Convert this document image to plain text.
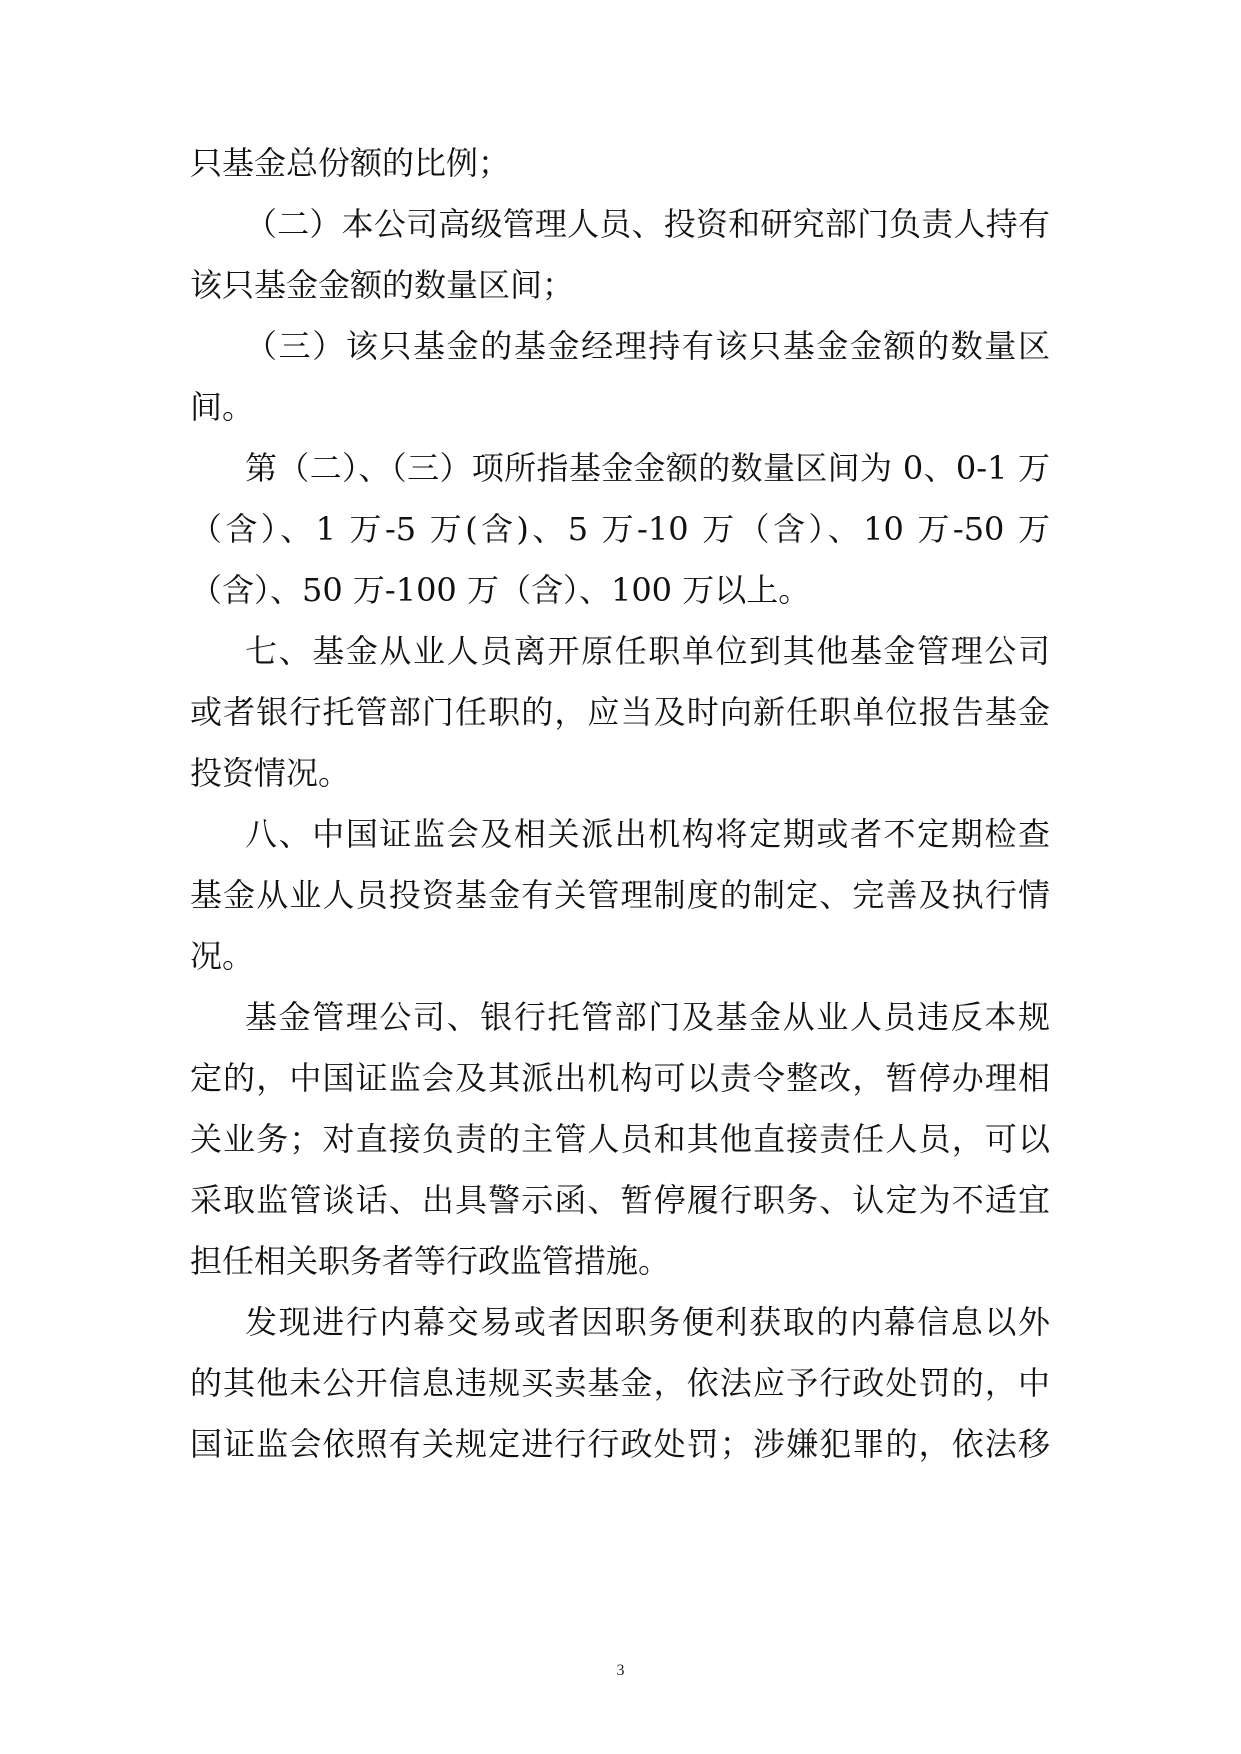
只基金总份额的比例；
（二）本公司高级管理人员、投资和研究部门负责人持有
该只基金金额的数量区间；
（三）该只基金的基金经理持有该只基金金额的数量区
间。
第（二）、（三）项所指基金金额的数量区间为 0、0-1 万
（含）、1 万-5 万(含)、5 万-10 万（含）、10 万-50 万
（含）、50 万-100 万（含）、100 万以上。
七、基金从业人员离开原任职单位到其他基金管理公司
或者银行托管部门任职的，应当及时向新任职单位报告基金
投资情况。
八、中国证监会及相关派出机构将定期或者不定期检查
基金从业人员投资基金有关管理制度的制定、完善及执行情
况。
基金管理公司、银行托管部门及基金从业人员违反本规
定的，中国证监会及其派出机构可以责令整改，暂停办理相
关业务；对直接负责的主管人员和其他直接责任人员，可以
采取监管谈话、出具警示函、暂停履行职务、认定为不适宜
担任相关职务者等行政监管措施。
发现进行内幕交易或者因职务便利获取的内幕信息以外
的其他未公开信息违规买卖基金，依法应予行政处罚的，中
国证监会依照有关规定进行行政处罚；涉嫌犯罪的，依法移
3
